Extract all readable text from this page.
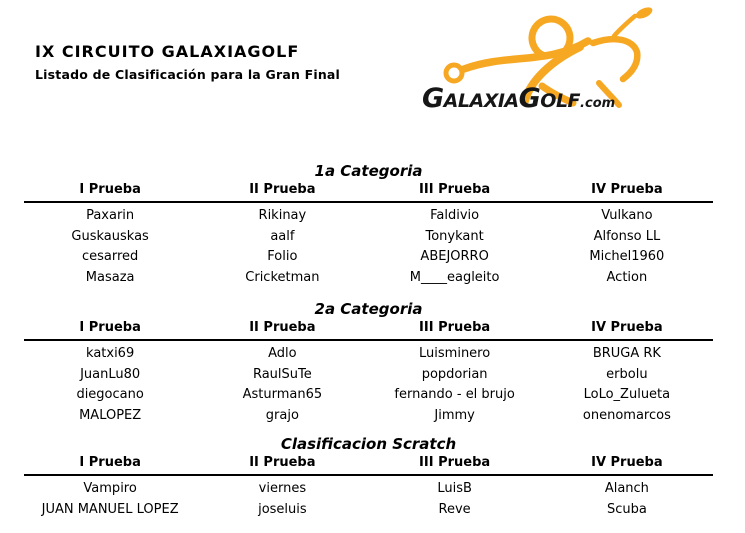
IX CIRCUITO GALAXIAGOLF

Listado de Clasificación para la Gran Final

GALAXIAGOLF.com
1a Categoria
I Prueba	II Prueba	III Prueba	IV Prueba
Paxarin	Rikinay	Faldivio	Vulkano
Guskauskas	aalf	Tonykant	Alfonso LL
cesarred	Folio	ABEJORRO	Michel1960
Masaza	Cricketman	M____eagleito	Action
2a Categoria
I Prueba	II Prueba	III Prueba	IV Prueba
katxi69	Adlo	Luisminero	BRUGA RK
JuanLu80	RaulSuTe	popdorian	erbolu
diegocano	Asturman65	fernando - el brujo	LoLo_Zulueta
MALOPEZ	grajo	Jimmy	onenomarcos
Clasificacion Scratch
I Prueba	II Prueba	III Prueba	IV Prueba
Vampiro	viernes	LuisB	Alanch
JUAN MANUEL LOPEZ	joseluis	Reve	Scuba
